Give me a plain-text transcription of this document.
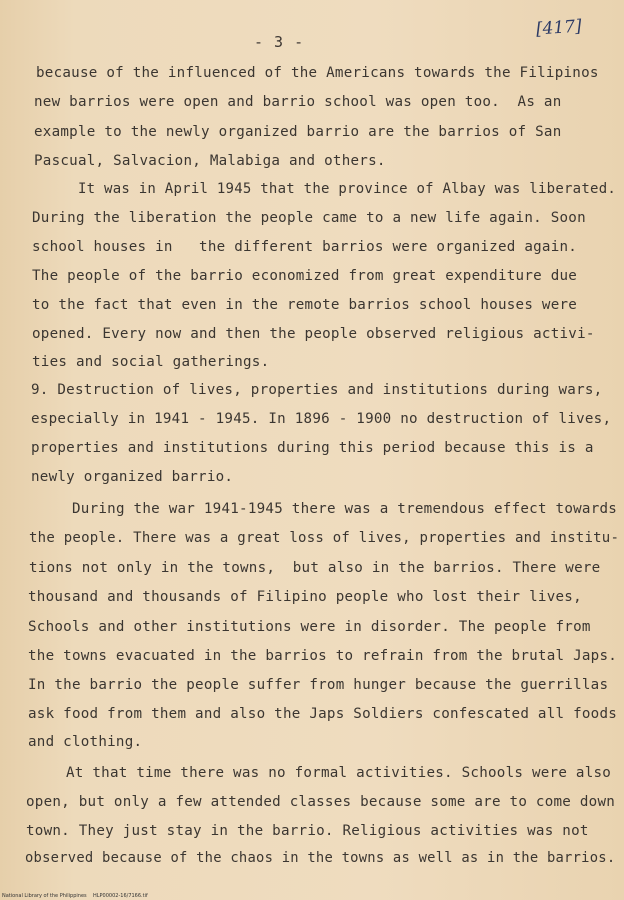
- 3 -
[417]
because of the influenced of the Americans towards the Filipinos
new barrios were open and barrio school was open too.  As an
example to the newly organized barrio are the barrios of San
Pascual, Salvacion, Malabiga and others.
It was in April 1945 that the province of Albay was liberated.
During the liberation the people came to a new life again. Soon
school houses in   the different barrios were organized again.
The people of the barrio economized from great expenditure due
to the fact that even in the remote barrios school houses were
opened. Every now and then the people observed religious activi-
ties and social gatherings.
9. Destruction of lives, properties and institutions during wars,
especially in 1941 - 1945. In 1896 - 1900 no destruction of lives,
properties and institutions during this period because this is a
newly organized barrio.
During the war 1941-1945 there was a tremendous effect towards
the people. There was a great loss of lives, properties and institu-
tions not only in the towns,  but also in the barrios. There were
thousand and thousands of Filipino people who lost their lives,
Schools and other institutions were in disorder. The people from
the towns evacuated in the barrios to refrain from the brutal Japs.
In the barrio the people suffer from hunger because the guerrillas
ask food from them and also the Japs Soldiers confescated all foods
and clothing.
At that time there was no formal activities. Schools were also
open, but only a few attended classes because some are to come down
town. They just stay in the barrio. Religious activities was not
observed because of the chaos in the towns as well as in the barrios.
National Library of the Philippines    HLP00002-16/7166.tif
